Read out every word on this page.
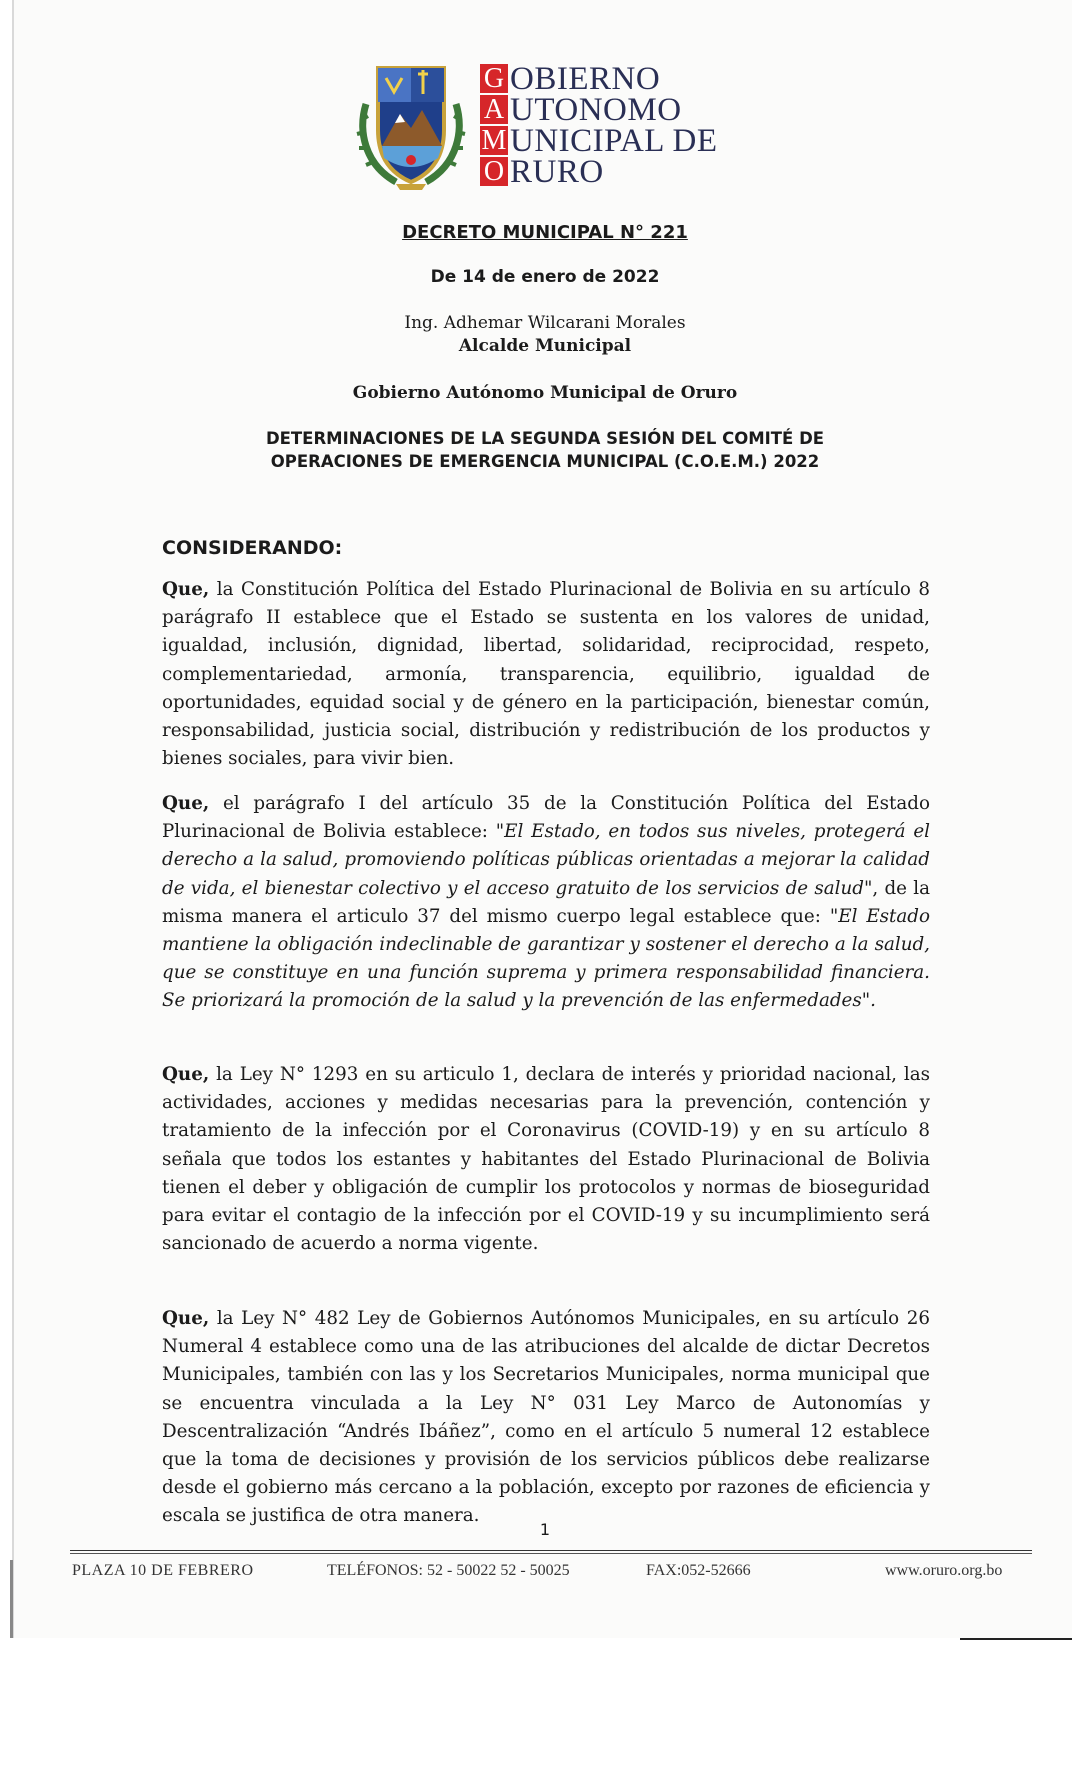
G
A
M
O
OBIERNO
UTONOMO
UNICIPAL DE
RURO
DECRETO MUNICIPAL N° 221
De 14 de enero de 2022
Ing. Adhemar Wilcarani Morales
Alcalde Municipal
Gobierno Autónomo Municipal de Oruro
DETERMINACIONES DE LA SEGUNDA SESIÓN DEL COMITÉ DE
OPERACIONES DE EMERGENCIA MUNICIPAL (C.O.E.M.) 2022
CONSIDERANDO:

Que, la Constitución Política del Estado Plurinacional de Bolivia en su artículo 8 parágrafo II establece que el Estado se sustenta en los valores de unidad, igualdad, inclusión, dignidad, libertad, solidaridad, reciprocidad, respeto, complementariedad, armonía, transparencia, equilibrio, igualdad de oportunidades, equidad social y de género en la participación, bienestar común, responsabilidad, justicia social, distribución y redistribución de los productos y bienes sociales, para vivir bien.

Que, el parágrafo I del artículo 35 de la Constitución Política del Estado Plurinacional de Bolivia establece: "El Estado, en todos sus niveles, protegerá el derecho a la salud, promoviendo políticas públicas orientadas a mejorar la calidad de vida, el bienestar colectivo y el acceso gratuito de los servicios de salud", de la misma manera el articulo 37 del mismo cuerpo legal establece que: "El Estado mantiene la obligación indeclinable de garantizar y sostener el derecho a la salud, que se constituye en una función suprema y primera responsabilidad financiera. Se priorizará la promoción de la salud y la prevención de las enfermedades".

Que, la Ley N° 1293 en su articulo 1, declara de interés y prioridad nacional, las actividades, acciones y medidas necesarias para la prevención, contención y tratamiento de la infección por el Coronavirus (COVID-19) y en su artículo 8 señala que todos los estantes y habitantes del Estado Plurinacional de Bolivia tienen el deber y obligación de cumplir los protocolos y normas de bioseguridad para evitar el contagio de la infección por el COVID-19 y su incumplimiento será sancionado de acuerdo a norma vigente.

Que, la Ley N° 482 Ley de Gobiernos Autónomos Municipales, en su artículo 26 Numeral 4 establece como una de las atribuciones del alcalde de dictar Decretos Municipales, también con las y los Secretarios Municipales, norma municipal que se encuentra vinculada a la Ley N° 031 Ley Marco de Autonomías y Descentralización “Andrés Ibáñez”, como en el artículo 5 numeral 12 establece que la toma de decisiones y provisión de los servicios públicos debe realizarse desde el gobierno más cercano a la población, excepto por razones de eficiencia y escala se justifica de otra manera.

1
PLAZA 10 DE FEBRERO	TELÉFONOS: 52 - 50022 52 - 50025	FAX:052-52666	www.oruro.org.bo
